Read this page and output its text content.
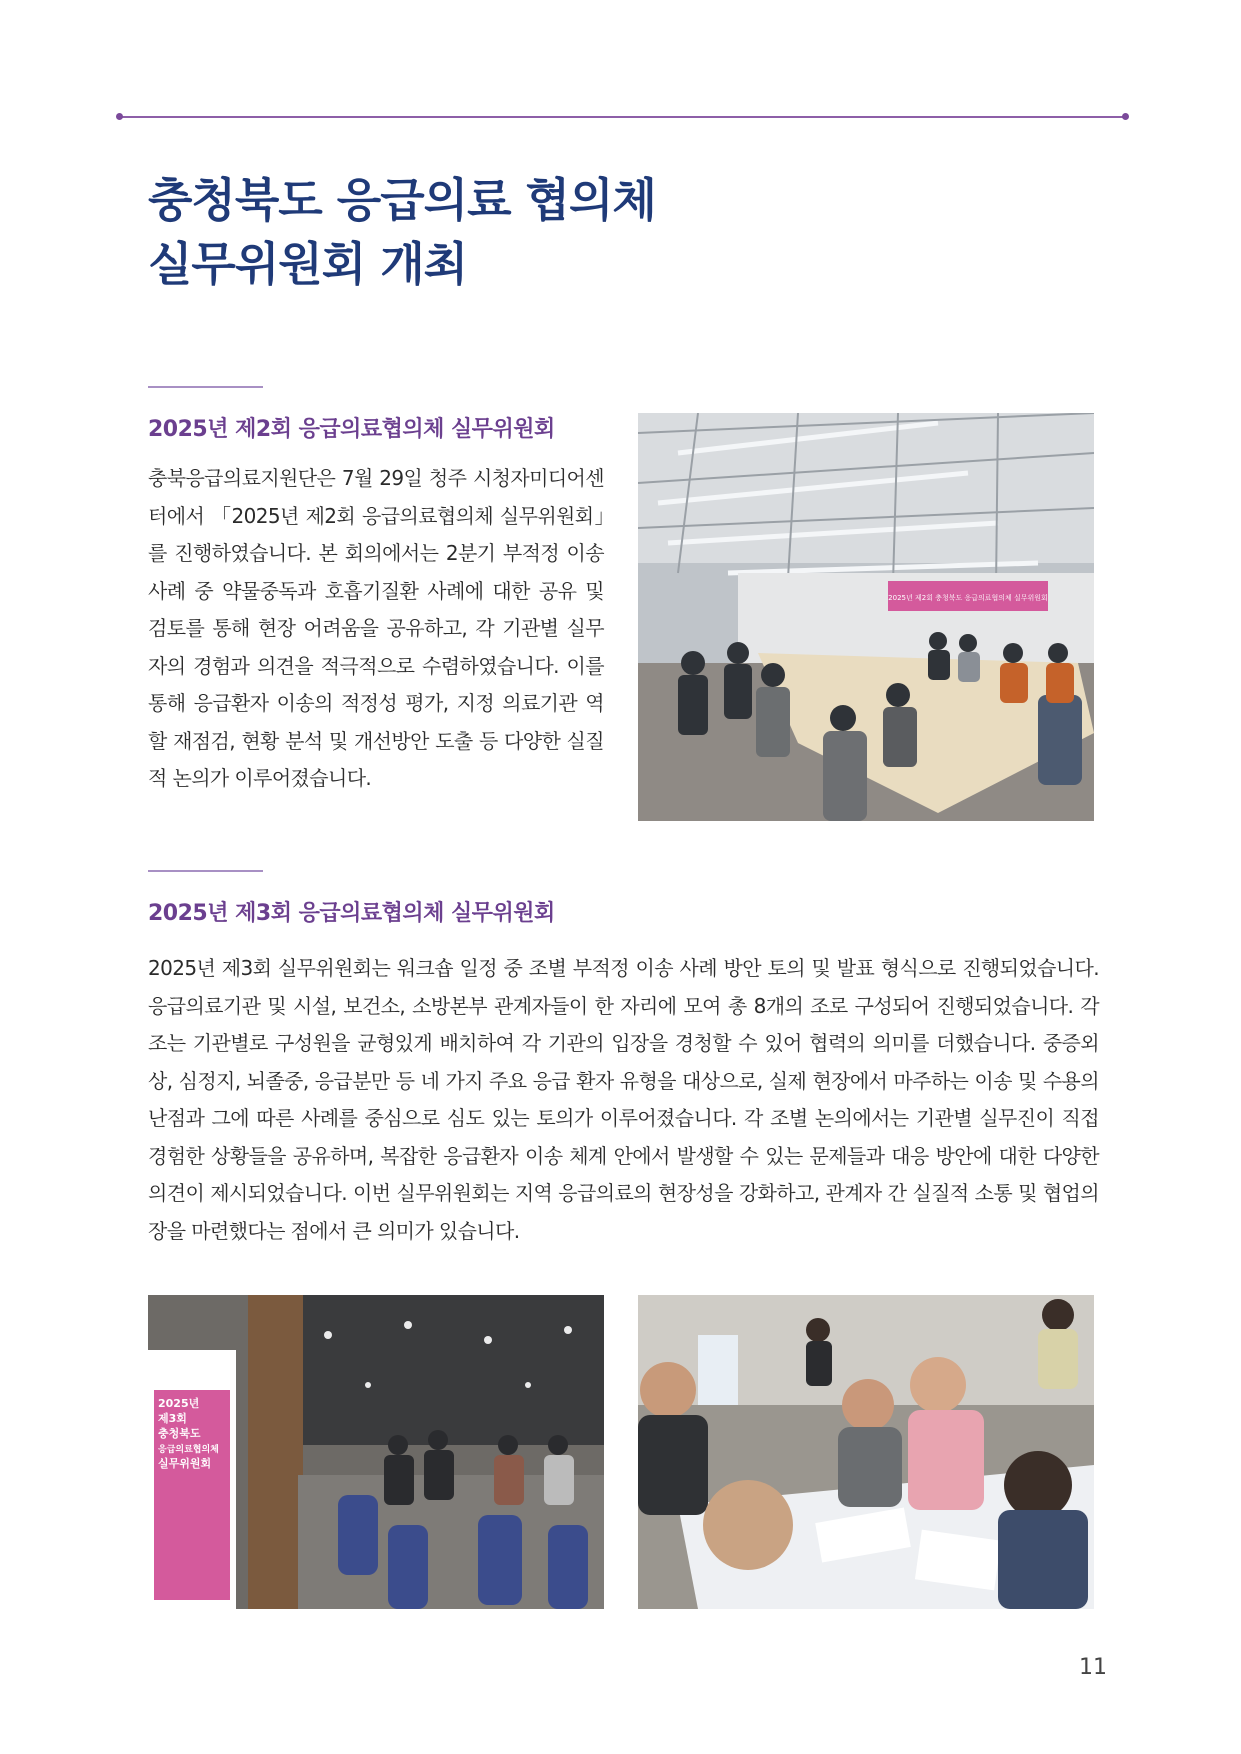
충청북도 응급의료 협의체
실무위원회 개최
2025년 제2회 응급의료협의체 실무위원회

충북응급의료지원단은 7월 29일 청주 시청자미디어센터에서 「2025년 제2회 응급의료협의체 실무위원회」를 진행하였습니다. 본 회의에서는 2분기 부적정 이송 사례 중 약물중독과 호흡기질환 사례에 대한 공유 및 검토를 통해 현장 어려움을 공유하고, 각 기관별 실무자의 경험과 의견을 적극적으로 수렴하였습니다. 이를 통해 응급환자 이송의 적정성 평가, 지정 의료기관 역할 재점검, 현황 분석 및 개선방안 도출 등 다양한 실질적 논의가 이루어졌습니다.

2025년 제2회 충청북도 응급의료협의체 실무위원회
2025년 제3회 응급의료협의체 실무위원회

2025년 제3회 실무위원회는 워크숍 일정 중 조별 부적정 이송 사례 방안 토의 및 발표 형식으로 진행되었습니다. 응급의료기관 및 시설, 보건소, 소방본부 관계자들이 한 자리에 모여 총 8개의 조로 구성되어 진행되었습니다. 각 조는 기관별로 구성원을 균형있게 배치하여 각 기관의 입장을 경청할 수 있어 협력의 의미를 더했습니다. 중증외상, 심정지, 뇌졸중, 응급분만 등 네 가지 주요 응급 환자 유형을 대상으로, 실제 현장에서 마주하는 이송 및 수용의 난점과 그에 따른 사례를 중심으로 심도 있는 토의가 이루어졌습니다. 각 조별 논의에서는 기관별 실무진이 직접 경험한 상황들을 공유하며, 복잡한 응급환자 이송 체계 안에서 발생할 수 있는 문제들과 대응 방안에 대한 다양한 의견이 제시되었습니다. 이번 실무위원회는 지역 응급의료의 현장성을 강화하고, 관계자 간 실질적 소통 및 협업의 장을 마련했다는 점에서 큰 의미가 있습니다.

2025년
제3회
충청북도
응급의료협의체
실무위원회
11
